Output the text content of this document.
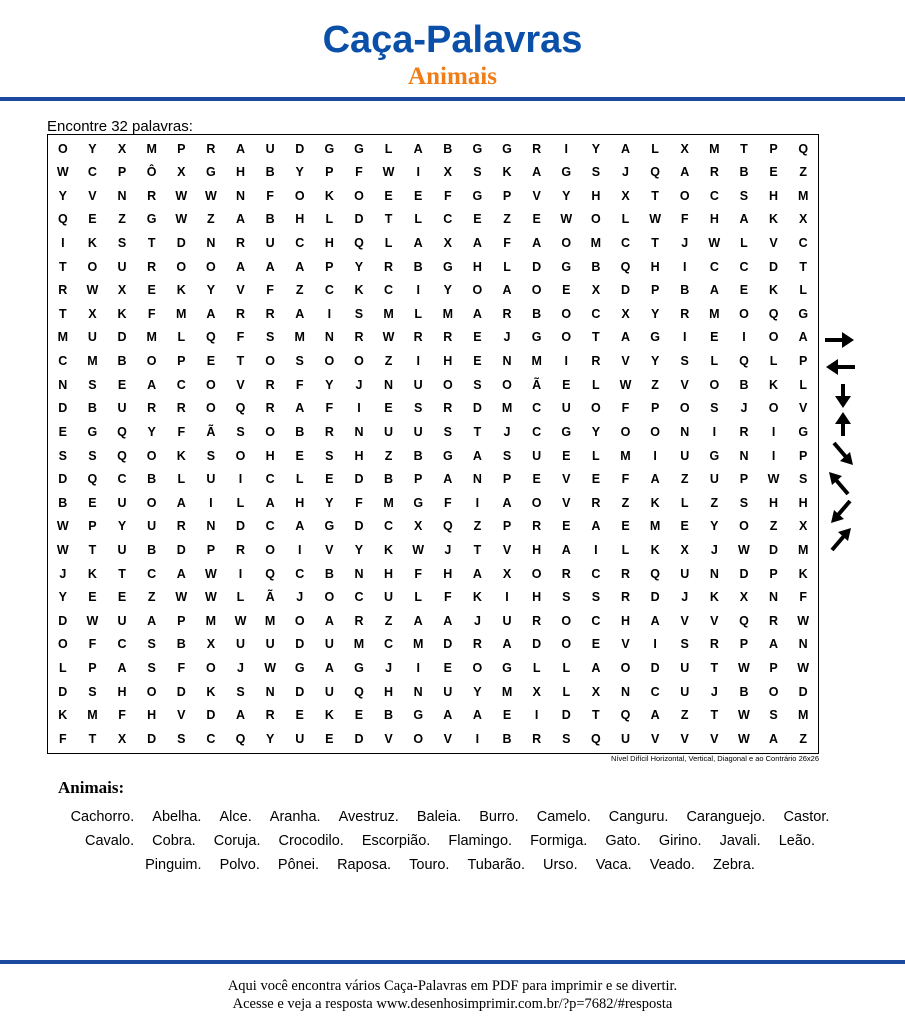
Caça-Palavras
Animais
Encontre 32 palavras:
O	Y	X	M	P	R	A	U	D	G	G	L	A	B	G	G	R	I	Y	A	L	X	M	T	P	Q
W	C	P	Ô	X	G	H	B	Y	P	F	W	I	X	S	K	A	G	S	J	Q	A	R	B	E	Z
Y	V	N	R	W	W	N	F	O	K	O	E	E	F	G	P	V	Y	H	X	T	O	C	S	H	M
Q	E	Z	G	W	Z	A	B	H	L	D	T	L	C	E	Z	E	W	O	L	W	F	H	A	K	X
I	K	S	T	D	N	R	U	C	H	Q	L	A	X	A	F	A	O	M	C	T	J	W	L	V	C
T	O	U	R	O	O	A	A	A	P	Y	R	B	G	H	L	D	G	B	Q	H	I	C	C	D	T
R	W	X	E	K	Y	V	F	Z	C	K	C	I	Y	O	A	O	E	X	D	P	B	A	E	K	L
T	X	K	F	M	A	R	R	A	I	S	M	L	M	A	R	B	O	C	X	Y	R	M	O	Q	G
M	U	D	M	L	Q	F	S	M	N	R	W	R	R	E	J	G	O	T	A	G	I	E	I	O	A
C	M	B	O	P	E	T	O	S	O	O	Z	I	H	E	N	M	I	R	V	Y	S	L	Q	L	P
N	S	E	A	C	O	V	R	F	Y	J	N	U	O	S	O	Ã	E	L	W	Z	V	O	B	K	L
D	B	U	R	R	O	Q	R	A	F	I	E	S	R	D	M	C	U	O	F	P	O	S	J	O	V
E	G	Q	Y	F	Ã	S	O	B	R	N	U	U	S	T	J	C	G	Y	O	O	N	I	R	I	G
S	S	Q	O	K	S	O	H	E	S	H	Z	B	G	A	S	U	E	L	M	I	U	G	N	I	P
D	Q	C	B	L	U	I	C	L	E	D	B	P	A	N	P	E	V	E	F	A	Z	U	P	W	S
B	E	U	O	A	I	L	A	H	Y	F	M	G	F	I	A	O	V	R	Z	K	L	Z	S	H	H
W	P	Y	U	R	N	D	C	A	G	D	C	X	Q	Z	P	R	E	A	E	M	E	Y	O	Z	X
W	T	U	B	D	P	R	O	I	V	Y	K	W	J	T	V	H	A	I	L	K	X	J	W	D	M
J	K	T	C	A	W	I	Q	C	B	N	H	F	H	A	X	O	R	C	R	Q	U	N	D	P	K
Y	E	E	Z	W	W	L	Ã	J	O	C	U	L	F	K	I	H	S	S	R	D	J	K	X	N	F
D	W	U	A	P	M	W	M	O	A	R	Z	A	A	J	U	R	O	C	H	A	V	V	Q	R	W
O	F	C	S	B	X	U	U	D	U	M	C	M	D	R	A	D	O	E	V	I	S	R	P	A	N
L	P	A	S	F	O	J	W	G	A	G	J	I	E	O	G	L	L	A	O	D	U	T	W	P	W
D	S	H	O	D	K	S	N	D	U	Q	H	N	U	Y	M	X	L	X	N	C	U	J	B	O	D
K	M	F	H	V	D	A	R	E	K	E	B	G	A	A	E	I	D	T	Q	A	Z	T	W	S	M
F	T	X	D	S	C	Q	Y	U	E	D	V	O	V	I	B	R	S	Q	U	V	V	V	W	A	Z
Nível Difícil Horizontal, Vertical, Diagonal e ao Contrário 26x26
Animais:

Cachorro. Abelha. Alce. Aranha. Avestruz. Baleia. Burro. Camelo. Canguru. Caranguejo. Castor. Cavalo. Cobra. Coruja. Crocodilo. Escorpião. Flamingo. Formiga. Gato. Girino. Javali. Leão. Pinguim. Polvo. Pônei. Raposa. Touro. Tubarão. Urso. Vaca. Veado. Zebra.

Aqui você encontra vários Caça-Palavras em PDF para imprimir e se divertir.
Acesse e veja a resposta www.desenhosimprimir.com.br/?p=7682/#resposta
